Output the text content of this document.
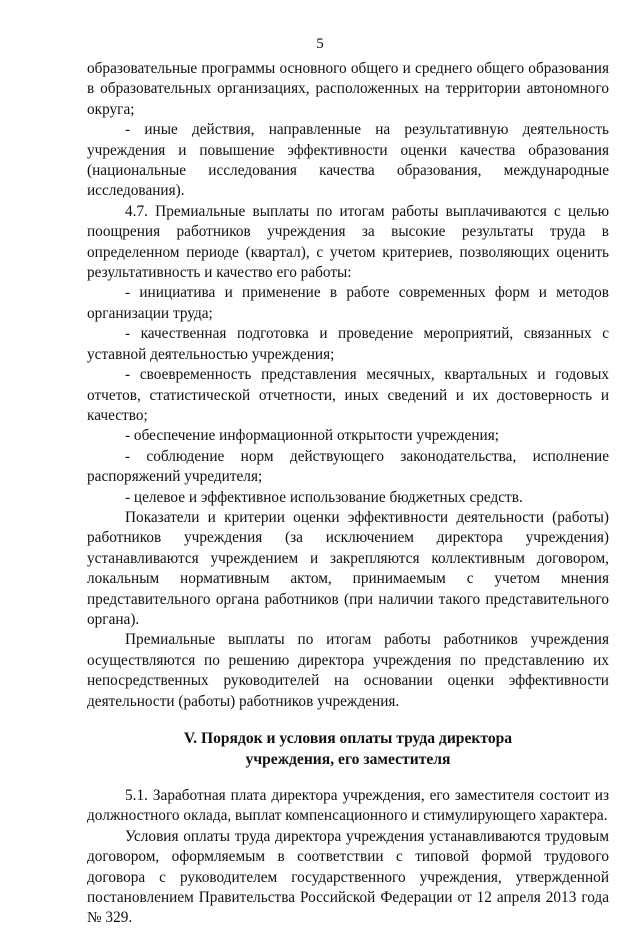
5

образовательные программы основного общего и среднего общего образования в образовательных организациях, расположенных на территории автономного округа;

- иные действия, направленные на результативную деятельность учреждения и повышение эффективности оценки качества образования (национальные исследования качества образования, международные исследования).

4.7. Премиальные выплаты по итогам работы выплачиваются с целью поощрения работников учреждения за высокие результаты труда в определенном периоде (квартал), с учетом критериев, позволяющих оценить результативность и качество его работы:

- инициатива и применение в работе современных форм и методов организации труда;

- качественная подготовка и проведение мероприятий, связанных с уставной деятельностью учреждения;

- своевременность представления месячных, квартальных и годовых отчетов, статистической отчетности, иных сведений и их достоверность и качество;

- обеспечение информационной открытости учреждения;

- соблюдение норм действующего законодательства, исполнение распоряжений учредителя;

- целевое и эффективное использование бюджетных средств.

Показатели и критерии оценки эффективности деятельности (работы) работников учреждения (за исключением директора учреждения) устанавливаются учреждением и закрепляются коллективным договором, локальным нормативным актом, принимаемым с учетом мнения представительного органа работников (при наличии такого представительного органа).

Премиальные выплаты по итогам работы работников учреждения осуществляются по решению директора учреждения по представлению их непосредственных руководителей на основании оценки эффективности деятельности (работы) работников учреждения.

V. Порядок и условия оплаты труда директора
учреждения, его заместителя

5.1. Заработная плата директора учреждения, его заместителя состоит из должностного оклада, выплат компенсационного и стимулирующего характера.

Условия оплаты труда директора учреждения устанавливаются трудовым договором, оформляемым в соответствии с типовой формой трудового договора с руководителем государственного учреждения, утвержденной постановлением Правительства Российской Федерации от 12 апреля 2013 года № 329.
